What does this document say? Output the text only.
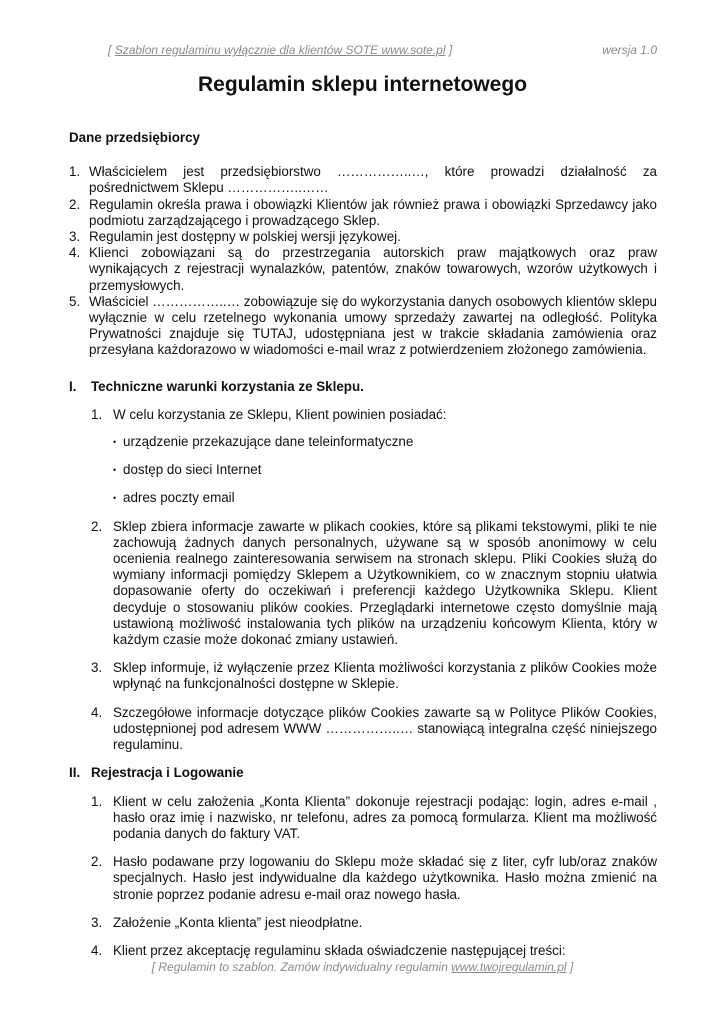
[ Szablon regulaminu wyłącznie dla klientów SOTE www.sote.pl ]	wersja 1.0
Regulamin sklepu internetowego

Dane przedsiębiorcy

1. Właścicielem jest przedsiębiorstwo ……………..…, które prowadzi działalność za pośrednictwem Sklepu ……………..……
2. Regulamin określa prawa i obowiązki Klientów jak również prawa i obowiązki Sprzedawcy jako podmiotu zarządzającego i prowadzącego Sklep.
3. Regulamin jest dostępny w polskiej wersji językowej.
4. Klienci zobowiązani są do przestrzegania autorskich praw majątkowych oraz praw wynikających z rejestracji wynalazków, patentów, znaków towarowych, wzorów użytkowych i przemysłowych.
5. Właściciel ……………..… zobowiązuje się do wykorzystania danych osobowych klientów sklepu wyłącznie w celu rzetelnego wykonania umowy sprzedaży zawartej na odległość. Polityka Prywatności znajduje się TUTAJ, udostępniana jest w trakcie składania zamówienia oraz przesyłana każdorazowo w wiadomości e-mail wraz z potwierdzeniem złożonego zamówienia.
I.	Techniczne warunki korzystania ze Sklepu.
1. W celu korzystania ze Sklepu, Klient powinien posiadać:
• urządzenie przekazujące dane teleinformatyczne
• dostęp do sieci Internet
• adres poczty email
2. Sklep zbiera informacje zawarte w plikach cookies, które są plikami tekstowymi, pliki te nie zachowują żadnych danych personalnych, używane są w sposób anonimowy w celu ocenienia realnego zainteresowania serwisem na stronach sklepu. Pliki Cookies służą do wymiany informacji pomiędzy Sklepem a Użytkownikiem, co w znacznym stopniu ułatwia dopasowanie oferty do oczekiwań i preferencji każdego Użytkownika Sklepu. Klient decyduje o stosowaniu plików cookies. Przeglądarki internetowe często domyślnie mają ustawioną możliwość instalowania tych plików na urządzeniu końcowym Klienta, który w każdym czasie może dokonać zmiany ustawień.
3. Sklep informuje, iż wyłączenie przez Klienta możliwości korzystania z plików Cookies może wpłynąć na funkcjonalności dostępne w Sklepie.
4. Szczegółowe informacje dotyczące plików Cookies zawarte są w Polityce Plików Cookies, udostępnionej pod adresem WWW ……………..… stanowiącą integralna część niniejszego regulaminu.
II. Rejestracja i Logowanie
1. Klient w celu założenia „Konta Klienta” dokonuje rejestracji podając: login, adres e-mail , hasło oraz imię i nazwisko, nr telefonu, adres za pomocą formularza. Klient ma możliwość podania danych do faktury VAT.
2. Hasło podawane przy logowaniu do Sklepu może składać się z liter, cyfr lub/oraz znaków specjalnych. Hasło jest indywidualne dla każdego użytkownika. Hasło można zmienić na stronie poprzez podanie adresu e-mail oraz nowego hasła.
3. Założenie „Konta klienta” jest nieodpłatne.
4. Klient przez akceptację regulaminu składa oświadczenie następującej treści:
[ Regulamin to szablon. Zamów indywidualny regulamin www.twojregulamin.pl ]
